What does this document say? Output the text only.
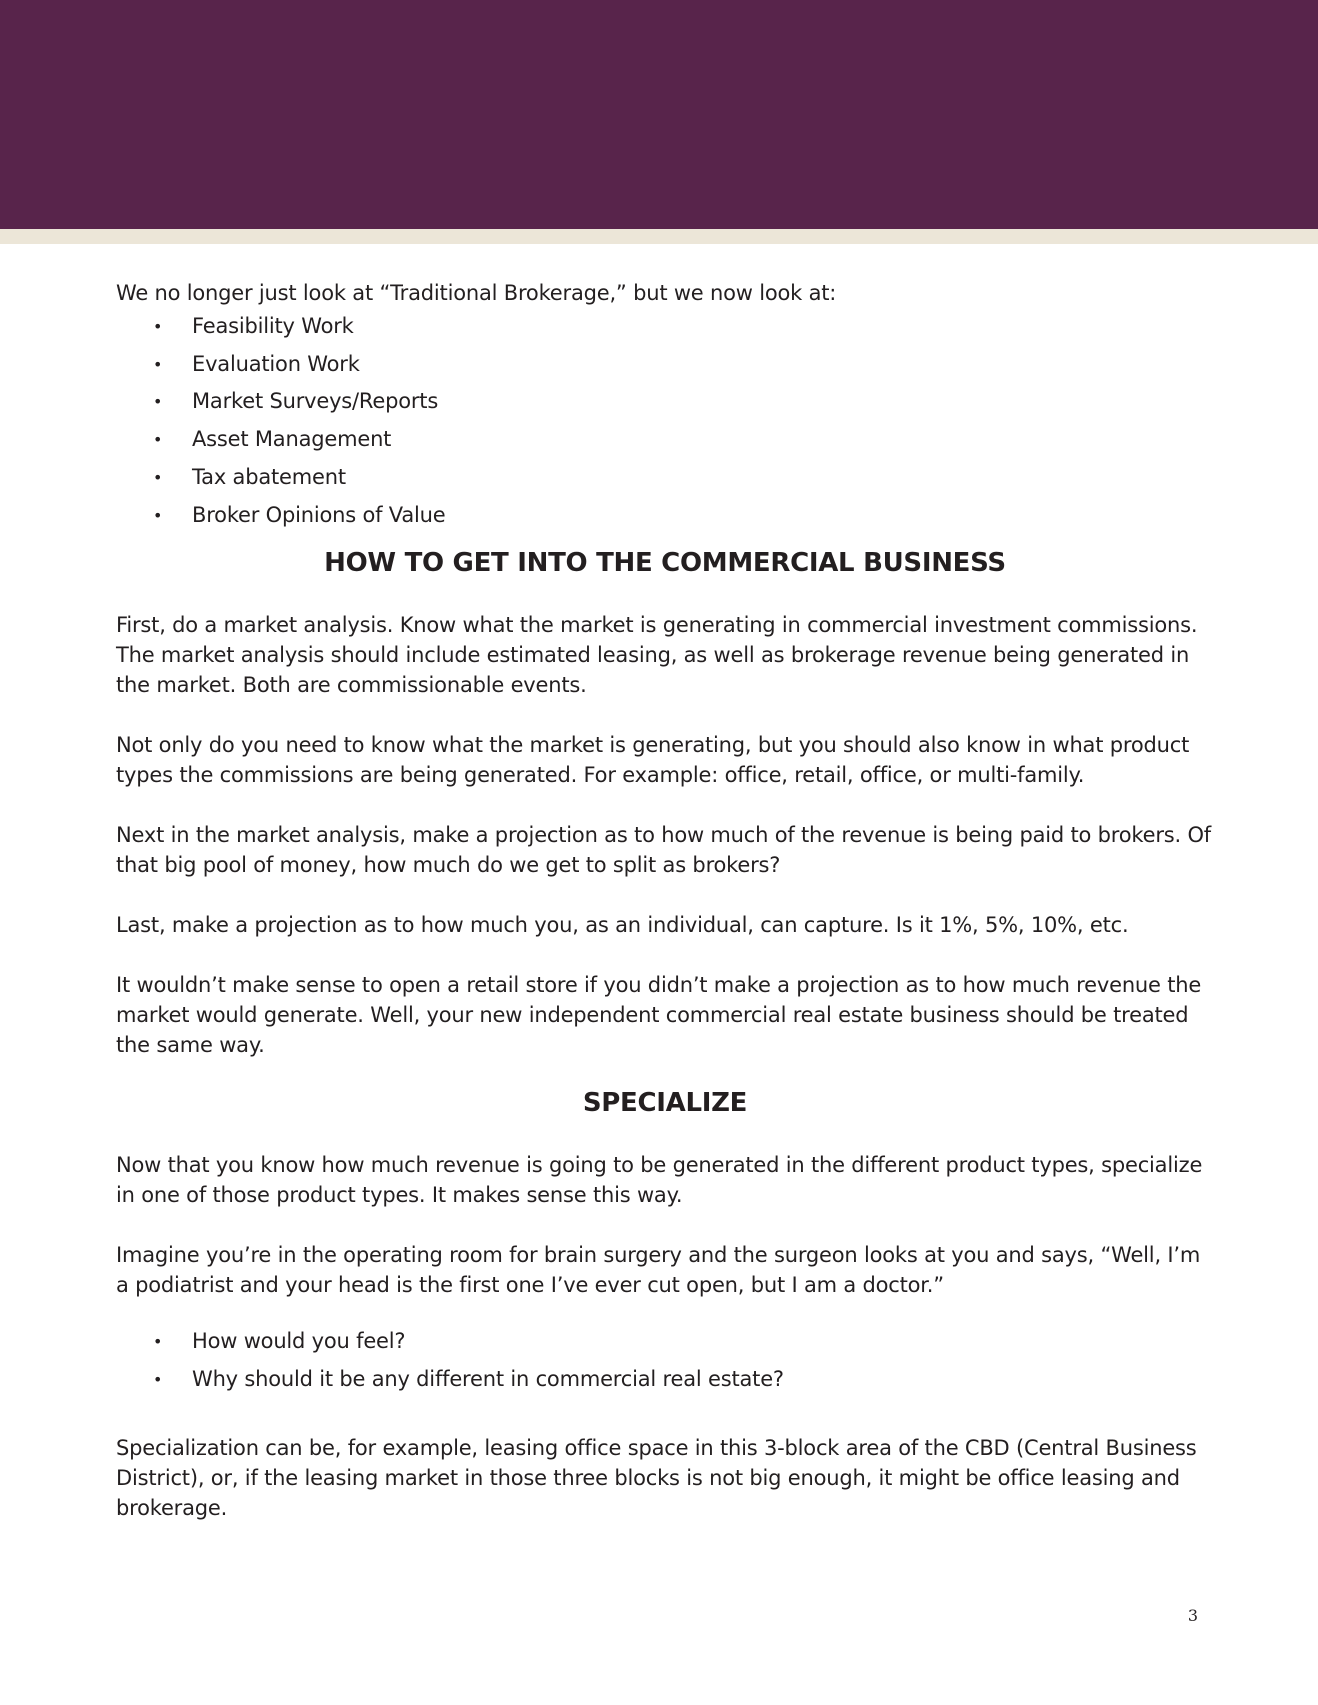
We no longer just look at “Traditional Brokerage,” but we now look at:

• Feasibility Work
• Evaluation Work
• Market Surveys/Reports
• Asset Management
• Tax abatement
• Broker Opinions of Value
HOW TO GET INTO THE COMMERCIAL BUSINESS

First, do a market analysis. Know what the market is generating in commercial investment commissions. The market analysis should include estimated leasing, as well as brokerage revenue being generated in the market. Both are commissionable events.

Not only do you need to know what the market is generating, but you should also know in what product types the commissions are being generated. For example: office, retail, office, or multi-family.

Next in the market analysis, make a projection as to how much of the revenue is being paid to brokers. Of that big pool of money, how much do we get to split as brokers?

Last, make a projection as to how much you, as an individual, can capture. Is it 1%, 5%, 10%, etc.

It wouldn’t make sense to open a retail store if you didn’t make a projection as to how much revenue the market would generate. Well, your new independent commercial real estate business should be treated the same way.

SPECIALIZE

Now that you know how much revenue is going to be generated in the different product types, specialize in one of those product types. It makes sense this way.

Imagine you’re in the operating room for brain surgery and the surgeon looks at you and says, “Well, I’m a podiatrist and your head is the first one I’ve ever cut open, but I am a doctor.”

• How would you feel?
• Why should it be any different in commercial real estate?

Specialization can be, for example, leasing office space in this 3-block area of the CBD (Central Business District), or, if the leasing market in those three blocks is not big enough, it might be office leasing and brokerage.

3
